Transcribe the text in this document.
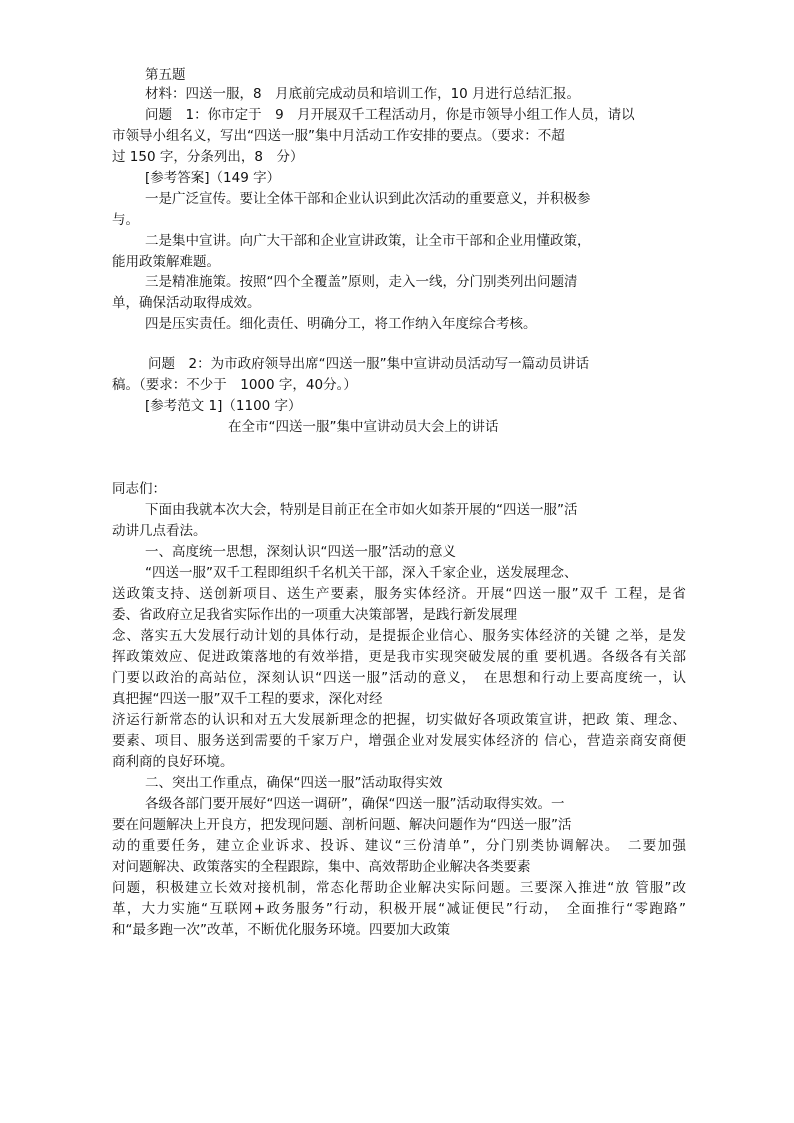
第五题
材料：四送一服，8　月底前完成动员和培训工作，10 月进行总结汇报。
问题　1：你市定于　9　月开展双千工程活动月，你是市领导小组工作人员，请以
市领导小组名义，写出“四送一服”集中月活动工作安排的要点。（要求：不超
过 150 字，分条列出，8　分）
[参考答案]（149 字）
一是广泛宣传。要让全体干部和企业认识到此次活动的重要意义，并积极参
与。
二是集中宣讲。向广大干部和企业宣讲政策，让全市干部和企业用懂政策，
能用政策解难题。
三是精准施策。按照“四个全覆盖”原则，走入一线，分门别类列出问题清
单，确保活动取得成效。
四是压实责任。细化责任、明确分工，将工作纳入年度综合考核。
问题　2：为市政府领导出席“四送一服”集中宣讲动员活动写一篇动员讲话
稿。（要求：不少于　1000 字，40分。）
[参考范文 1]（1100 字）
在全市“四送一服”集中宣讲动员大会上的讲话
同志们：
下面由我就本次大会，特别是目前正在全市如火如荼开展的“四送一服”活
动讲几点看法。
一、高度统一思想，深刻认识“四送一服”活动的意义
“四送一服”双千工程即组织千名机关干部，深入千家企业，送发展理念、
送政策支持、送创新项目、送生产要素，服务实体经济。开展“四送一服”双千 工程，是省
委、省政府立足我省实际作出的一项重大决策部署，是践行新发展理
念、落实五大发展行动计划的具体行动，是提振企业信心、服务实体经济的关键 之举，是发
挥政策效应、促进政策落地的有效举措，更是我市实现突破发展的重 要机遇。各级各有关部
门要以政治的高站位，深刻认识“四送一服”活动的意义，　在思想和行动上要高度统一，认
真把握“四送一服”双千工程的要求，深化对经
济运行新常态的认识和对五大发展新理念的把握，切实做好各项政策宣讲，把政 策、理念、
要素、项目、服务送到需要的千家万户，增强企业对发展实体经济的 信心，营造亲商安商便
商利商的良好环境。
二、突出工作重点，确保“四送一服”活动取得实效
各级各部门要开展好“四送一调研”，确保“四送一服”活动取得实效。一
要在问题解决上开良方，把发现问题、剖析问题、解决问题作为“四送一服”活
动的重要任务，建立企业诉求、投诉、建议“三份清单”，分门别类协调解决。　二要加强
对问题解决、政策落实的全程跟踪，集中、高效帮助企业解决各类要素
问题，积极建立长效对接机制，常态化帮助企业解决实际问题。三要深入推进“放 管服”改
革，大力实施“互联网+政务服务”行动，积极开展“减证便民”行动，　全面推行“零跑路”
和“最多跑一次”改革，不断优化服务环境。四要加大政策
